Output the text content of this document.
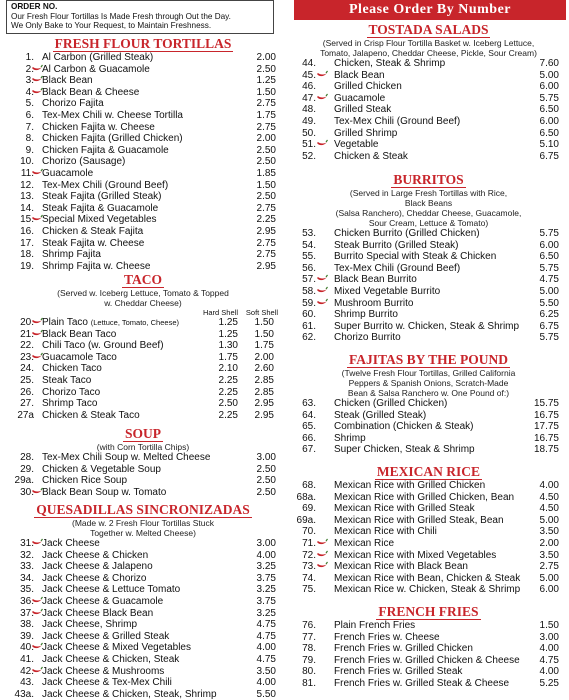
ORDER NO.
Our Fresh Flour Tortillas Is Made Fresh through Out the Day.
We Only Bake to Your Request, to Maintain Freshness.
FRESH FLOUR TORTILLAS
1. Al Carbon (Grilled Steak)	2.00
2. Al Carbon & Guacamole	2.50
3. Black Bean	1.25
4. Black Bean & Cheese	1.50
5. Chorizo Fajita	2.75
6. Tex-Mex Chili w. Cheese Tortilla	1.75
7. Chicken Fajita w. Cheese	2.75
8. Chicken Fajita (Grilled Chicken)	2.00
9. Chicken Fajita & Guacamole	2.50
10. Chorizo (Sausage)	2.50
11. Guacamole	1.85
12. Tex-Mex Chili (Ground Beef)	1.50
13. Steak Fajita (Grilled Steak)	2.50
14. Steak Fajita & Guacamole	2.75
15. Special Mixed Vegetables	2.25
16. Chicken & Steak Fajita	2.95
17. Steak Fajita w. Cheese	2.75
18. Shrimp Fajita	2.75
19. Shrimp Fajita w. Cheese	2.95
TACO
(Served w. Iceberg Lettuce, Tomato & Topped
w. Cheddar Cheese)
Hard Shell Soft Shell
20. Plain Taco (Lettuce, Tomato, Cheese)	1.25	1.50
21. Black Bean Taco	1.25	1.50
22. Chili Taco (w. Ground Beef)	1.30	1.75
23. Guacamole Taco	1.75	2.00
24. Chicken Taco	2.10	2.60
25. Steak Taco	2.25	2.85
26. Chorizo Taco	2.25	2.85
27. Shrimp Taco	2.50	2.95
27a Chicken & Steak Taco	2.25	2.95
SOUP
(with Corn Tortilla Chips)
28. Tex-Mex Chili Soup w. Melted Cheese	3.00
29. Chicken & Vegetable Soup	2.50
29a. Chicken Rice Soup	2.50
30. Black Bean Soup w. Tomato	2.50
QUESADILLAS SINCRONIZADAS
(Made w. 2 Fresh Flour Tortillas Stuck
Together w. Melted Cheese)
31. Jack Cheese	3.00
32. Jack Cheese & Chicken	4.00
33. Jack Cheese & Jalapeno	3.25
34. Jack Cheese & Chorizo	3.75
35. Jack Cheese & Lettuce Tomato	3.25
36. Jack Cheese & Guacamole	3.75
37. Jack Cheese Black Bean	3.25
38. Jack Cheese, Shrimp	4.75
39. Jack Cheese & Grilled Steak	4.75
40. Jack Cheese & Mixed Vegetables	4.00
41. Jack Cheese & Chicken, Steak	4.75
42. Jack Cheese & Mushrooms	3.50
43. Jack Cheese & Tex-Mex Chili	4.00
43a. Jack Cheese & Chicken, Steak, Shrimp	5.50
Please Order By Number
TOSTADA SALADS
(Served in Crisp Flour Tortilla Basket w. Iceberg Lettuce,
Tomato, Jalapeno, Cheddar Cheese, Pickle, Sour Cream)
44. Chicken, Steak & Shrimp	7.60
45. Black Bean	5.00
46. Grilled Chicken	6.00
47. Guacamole	5.75
48. Grilled Steak	6.50
49. Tex-Mex Chili (Ground Beef)	6.00
50. Grilled Shrimp	6.50
51. Vegetable	5.10
52. Chicken & Steak	6.75
BURRITOS
(Served in Large Fresh Tortillas with Rice,
Black Beans
(Salsa Ranchero), Cheddar Cheese, Guacamole,
Sour Cream, Lettuce & Tomato)
53. Chicken Burrito (Grilled Chicken)	5.75
54. Steak Burrito (Grilled Steak)	6.00
55. Burrito Special with Steak & Chicken	6.50
56. Tex-Mex Chili (Ground Beef)	5.75
57. Black Bean Burrito	4.75
58. Mixed Vegetable Burrito	5.00
59. Mushroom Burrito	5.50
60. Shrimp Burrito	6.25
61. Super Burrito w. Chicken, Steak & Shrimp 6.75
62. Chorizo Burrito	5.75
FAJITAS BY THE POUND
(Twelve Fresh Flour Tortillas, Grilled California
Peppers & Spanish Onions, Scratch-Made
Bean & Salsa Ranchero w. One Pound of:)
63. Chicken (Grilled Chicken)	15.75
64. Steak (Grilled Steak)	16.75
65. Combination (Chicken & Steak)	17.75
66. Shrimp	16.75
67. Super Chicken, Steak & Shrimp	18.75
MEXICAN RICE
68. Mexican Rice with Grilled Chicken	4.00
68a. Mexican Rice with Grilled Chicken, Bean	4.50
69. Mexican Rice with Grilled Steak	4.50
69a. Mexican Rice with Grilled Steak, Bean	5.00
70. Mexican Rice with Chili	3.50
71. Mexican Rice	2.00
72. Mexican Rice with Mixed Vegetables	3.50
73. Mexican Rice with Black Bean	2.75
74. Mexican Rice with Bean, Chicken & Steak 5.00
75. Mexican Rice w. Chicken, Steak & Shrimp 6.00
FRENCH FRIES
76. Plain French Fries	1.50
77. French Fries w. Cheese	3.00
78. French Fries w. Grilled Chicken	4.00
79. French Fries w. Grilled Chicken & Cheese 4.75
80. French Fries w. Grilled Steak	4.00
81. French Fries w. Grilled Steak & Cheese	5.25
